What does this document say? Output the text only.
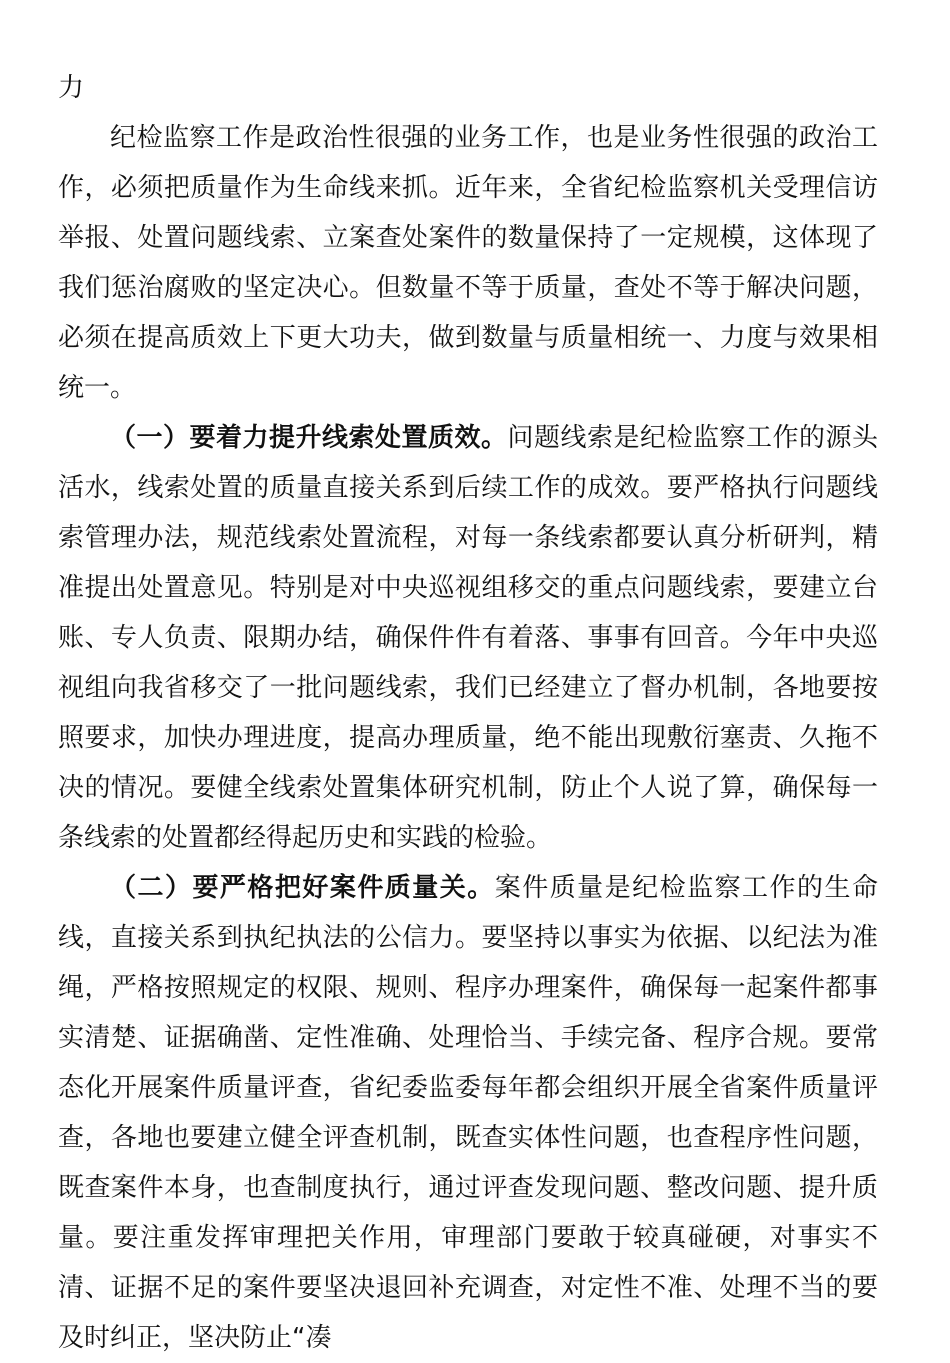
力

纪检监察工作是政治性很强的业务工作，也是业务性很强的政治工作，必须把质量作为生命线来抓。近年来，全省纪检监察机关受理信访举报、处置问题线索、立案查处案件的数量保持了一定规模，这体现了我们惩治腐败的坚定决心。但数量不等于质量，查处不等于解决问题，必须在提高质效上下更大功夫，做到数量与质量相统一、力度与效果相统一。

（一）要着力提升线索处置质效。问题线索是纪检监察工作的源头活水，线索处置的质量直接关系到后续工作的成效。要严格执行问题线索管理办法，规范线索处置流程，对每一条线索都要认真分析研判，精准提出处置意见。特别是对中央巡视组移交的重点问题线索，要建立台账、专人负责、限期办结，确保件件有着落、事事有回音。今年中央巡视组向我省移交了一批问题线索，我们已经建立了督办机制，各地要按照要求，加快办理进度，提高办理质量，绝不能出现敷衍塞责、久拖不决的情况。要健全线索处置集体研究机制，防止个人说了算，确保每一条线索的处置都经得起历史和实践的检验。

（二）要严格把好案件质量关。案件质量是纪检监察工作的生命线，直接关系到执纪执法的公信力。要坚持以事实为依据、以纪法为准绳，严格按照规定的权限、规则、程序办理案件，确保每一起案件都事实清楚、证据确凿、定性准确、处理恰当、手续完备、程序合规。要常态化开展案件质量评查，省纪委监委每年都会组织开展全省案件质量评查，各地也要建立健全评查机制，既查实体性问题，也查程序性问题，既查案件本身，也查制度执行，通过评查发现问题、整改问题、提升质量。要注重发挥审理把关作用，审理部门要敢于较真碰硬，对事实不清、证据不足的案件要坚决退回补充调查，对定性不准、处理不当的要及时纠正，坚决防止“凑
